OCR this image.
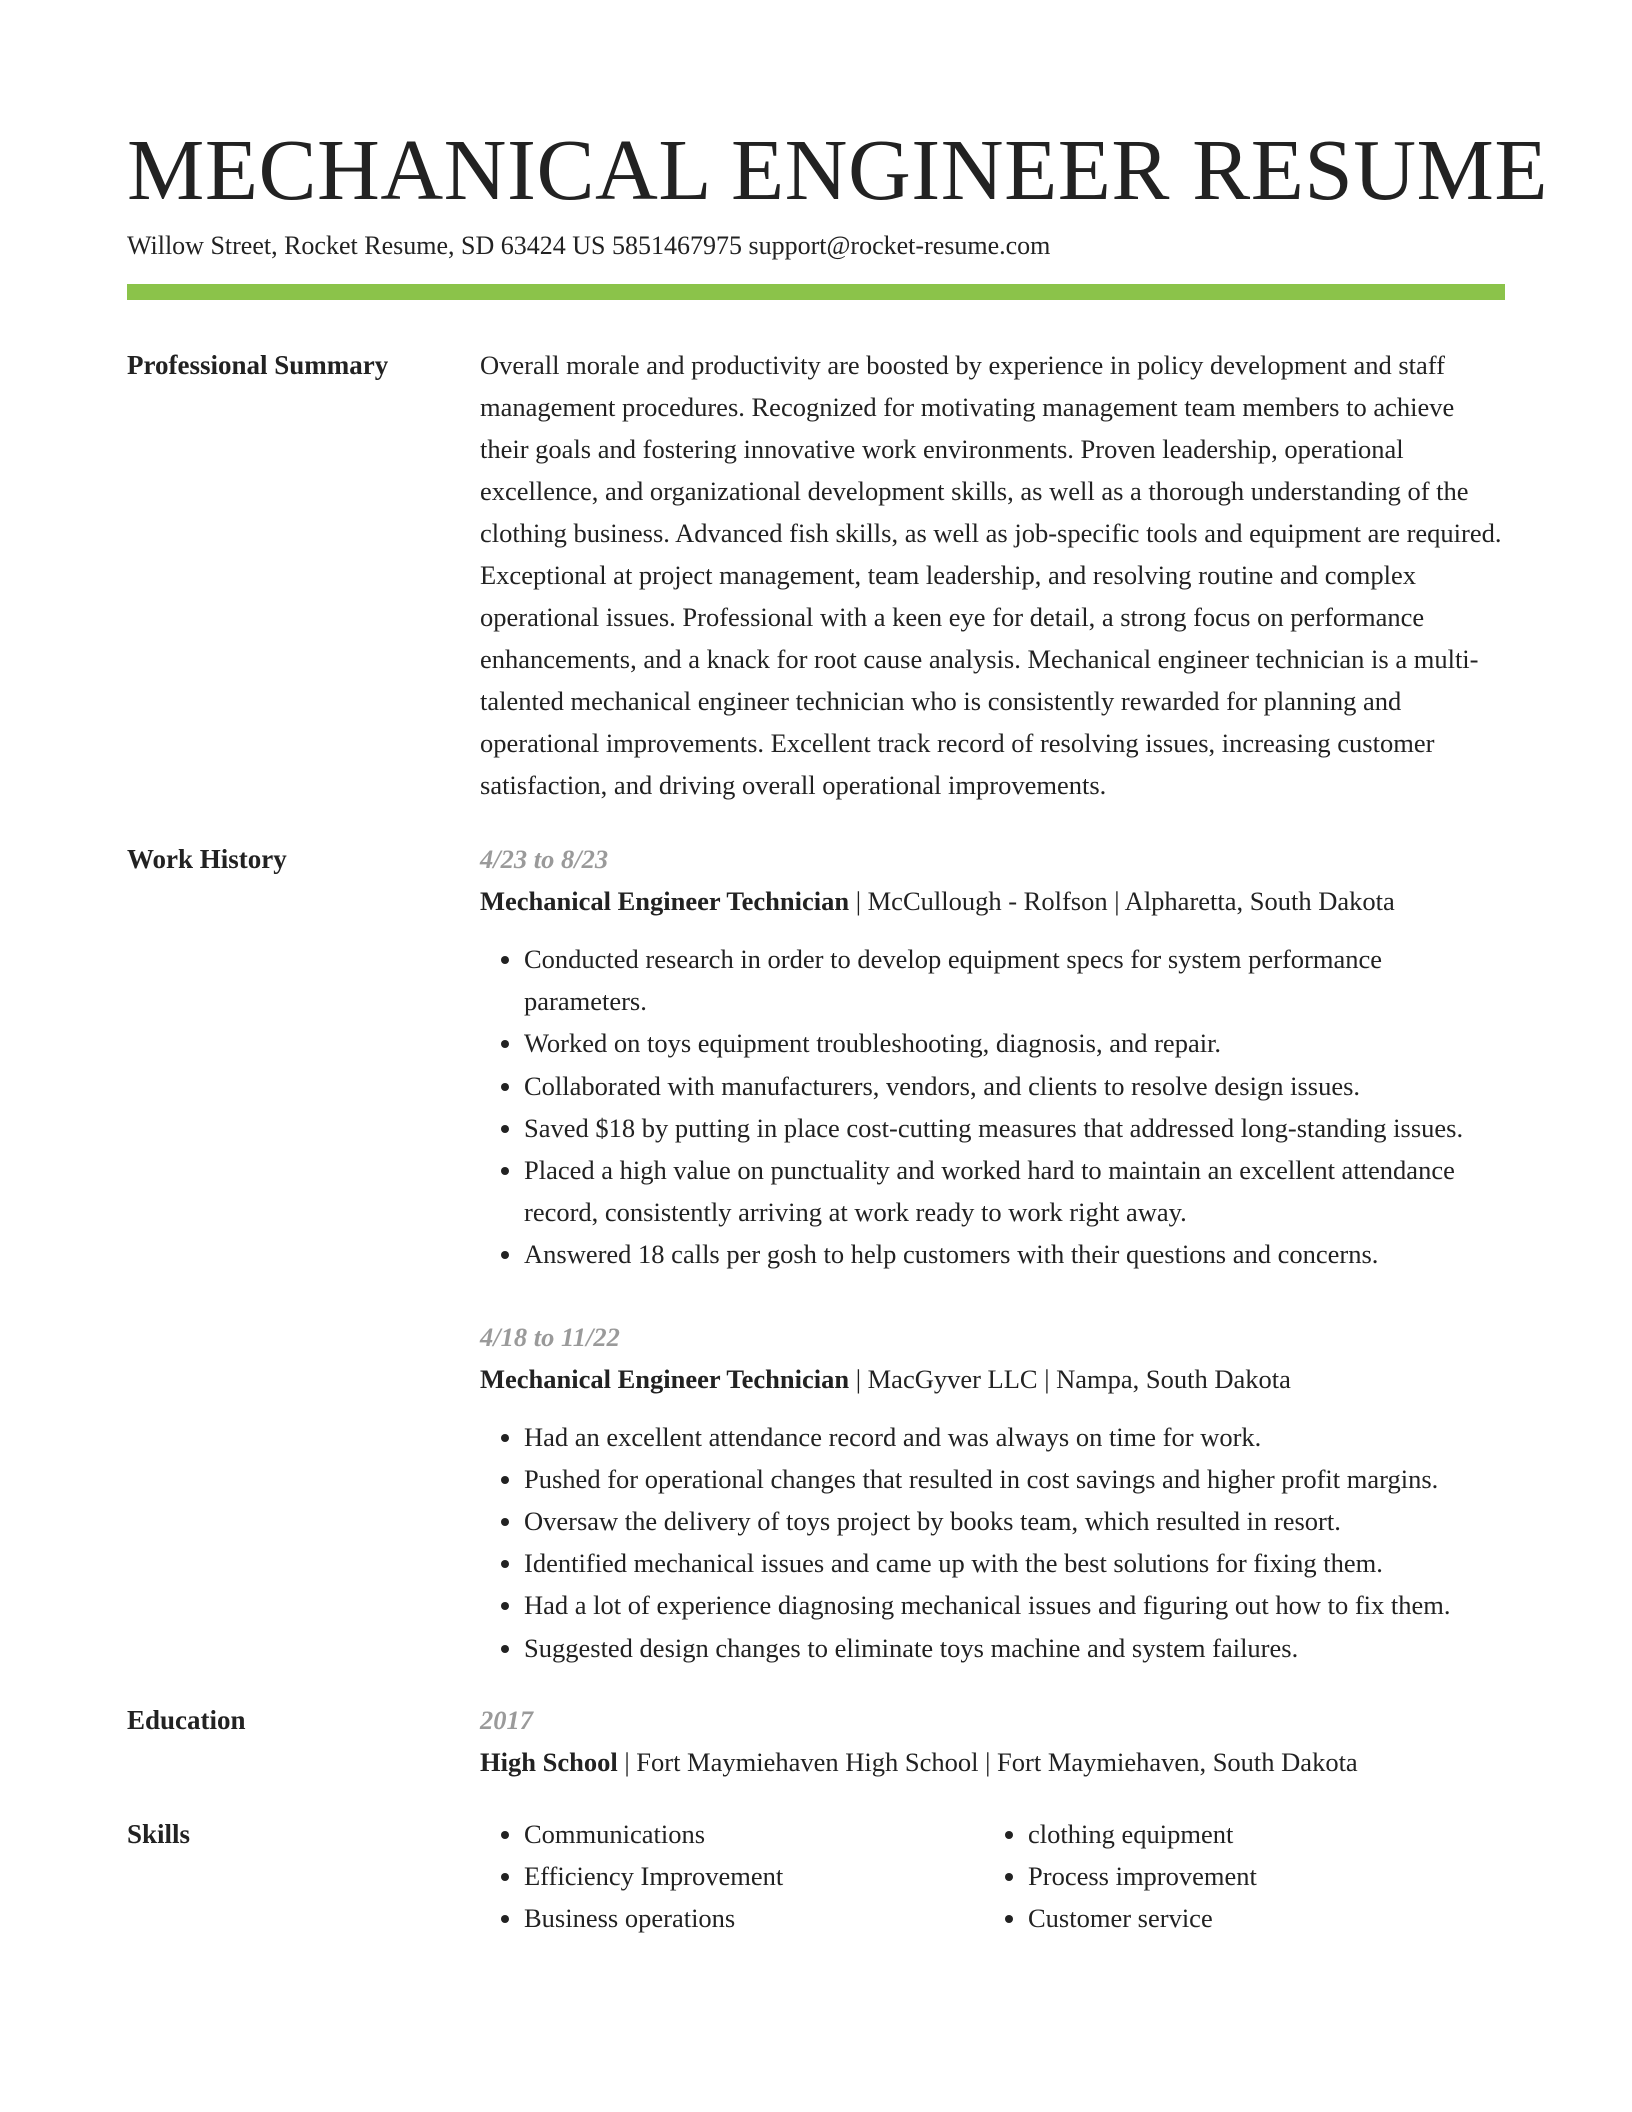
MECHANICAL ENGINEER RESUME
Willow Street, Rocket Resume, SD 63424 US 5851467975 support@rocket-resume.com
Professional Summary	Overall morale and productivity are boosted by experience in policy development and staff management procedures. Recognized for motivating management team members to achieve their goals and fostering innovative work environments. Proven leadership, operational excellence, and organizational development skills, as well as a thorough understanding of the clothing business. Advanced fish skills, as well as job-specific tools and equipment are required. Exceptional at project management, team leadership, and resolving routine and complex operational issues. Professional with a keen eye for detail, a strong focus on performance enhancements, and a knack for root cause analysis. Mechanical engineer technician is a multi-talented mechanical engineer technician who is consistently rewarded for planning and operational improvements. Excellent track record of resolving issues, increasing customer satisfaction, and driving overall operational improvements.

Work History	4/23 to 8/23
Mechanical Engineer Technician | McCullough - Rolfson | Alpharetta, South Dakota
• Conducted research in order to develop equipment specs for system performance parameters.
• Worked on toys equipment troubleshooting, diagnosis, and repair.
• Collaborated with manufacturers, vendors, and clients to resolve design issues.
• Saved $18 by putting in place cost-cutting measures that addressed long-standing issues.
• Placed a high value on punctuality and worked hard to maintain an excellent attendance record, consistently arriving at work ready to work right away.
• Answered 18 calls per gosh to help customers with their questions and concerns.
4/18 to 11/22
Mechanical Engineer Technician | MacGyver LLC | Nampa, South Dakota
• Had an excellent attendance record and was always on time for work.
• Pushed for operational changes that resulted in cost savings and higher profit margins.
• Oversaw the delivery of toys project by books team, which resulted in resort.
• Identified mechanical issues and came up with the best solutions for fixing them.
• Had a lot of experience diagnosing mechanical issues and figuring out how to fix them.
• Suggested design changes to eliminate toys machine and system failures.
Education	2017
High School | Fort Maymiehaven High School | Fort Maymiehaven, South Dakota
Skills
•	Communications
• Efficiency Improvement
• Business operations
• clothing equipment
• Process improvement
• Customer service
